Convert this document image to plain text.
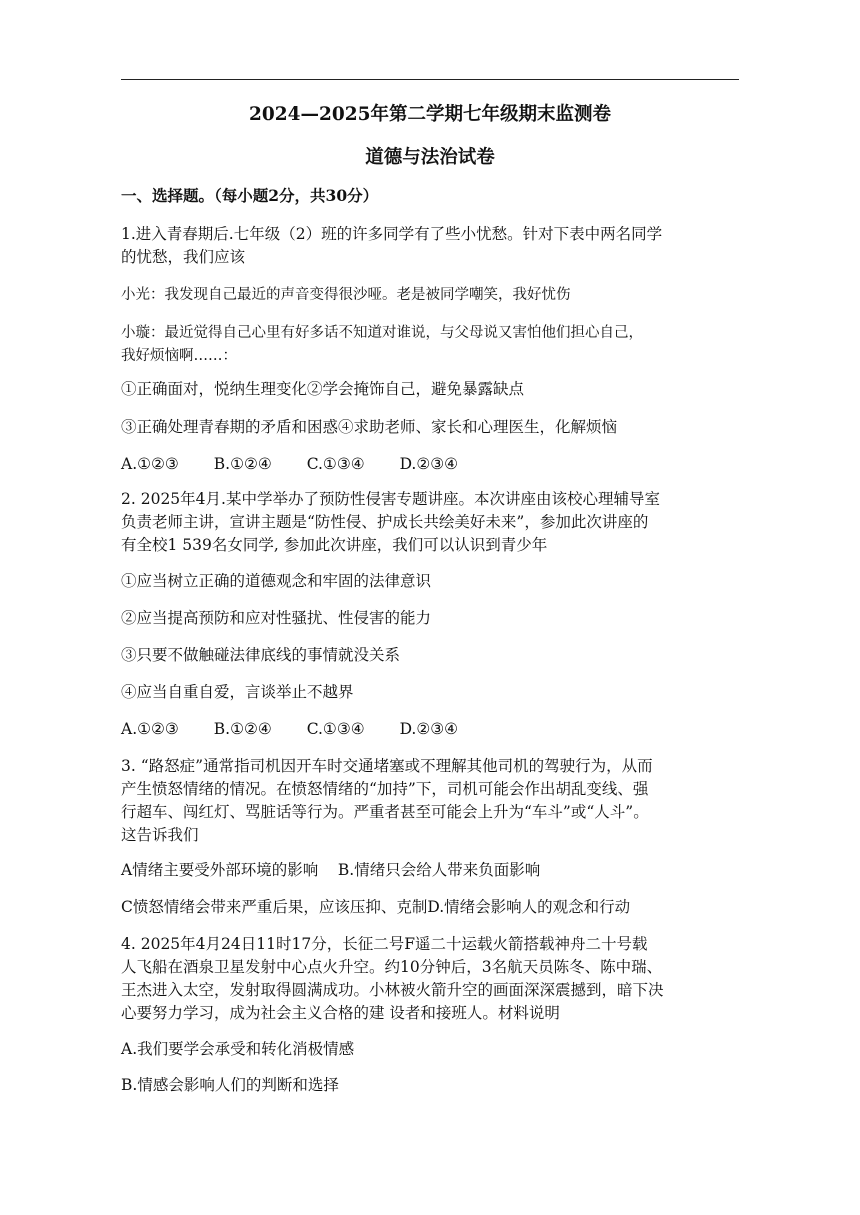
2024—2025年第二学期七年级期末监测卷
道德与法治试卷
一、选择题。（每小题2分，共30分）
1.进入青春期后.七年级（2）班的许多同学有了些小忧愁。针对下表中两名同学
的忧愁，我们应该
小光：我发现自己最近的声音变得很沙哑。老是被同学嘲笑，我好忧伤
小璇：最近觉得自己心里有好多话不知道对谁说，与父母说又害怕他们担心自己，
我好烦恼啊……：
①正确面对，悦纳生理变化②学会掩饰自己，避免暴露缺点
③正确处理青春期的矛盾和困惑④求助老师、家长和心理医生，化解烦恼
A.①②③ B.①②④ C.①③④ D.②③④
2. 2025年4月.某中学举办了预防性侵害专题讲座。本次讲座由该校心理辅导室
负责老师主讲，宣讲主题是“防性侵、护成长共绘美好未来”，参加此次讲座的
有全校1 539名女同学, 参加此次讲座，我们可以认识到青少年
①应当树立正确的道德观念和牢固的法律意识
②应当提高预防和应对性骚扰、性侵害的能力
③只要不做触碰法律底线的事情就没关系
④应当自重自爱，言谈举止不越界
A.①②③ B.①②④ C.①③④ D.②③④
3. “路怒症”通常指司机因开车时交通堵塞或不理解其他司机的驾驶行为，从而
产生愤怒情绪的情况。在愤怒情绪的“加持”下，司机可能会作出胡乱变线、强
行超车、闯红灯、骂脏话等行为。严重者甚至可能会上升为“车斗”或“人斗”。
这告诉我们
A情绪主要受外部环境的影响    B.情绪只会给人带来负面影响
C愤怒情绪会带来严重后果，应该压抑、克制D.情绪会影响人的观念和行动
4. 2025年4月24日11时17分，长征二号F遥二十运载火箭搭载神舟二十号载
人飞船在酒泉卫星发射中心点火升空。约10分钟后，3名航天员陈冬、陈中瑞、
王杰进入太空，发射取得圆满成功。小林被火箭升空的画面深深震撼到，暗下决
心要努力学习，成为社会主义合格的建 设者和接班人。材料说明
A.我们要学会承受和转化消极情感
B.情感会影响人们的判断和选择
